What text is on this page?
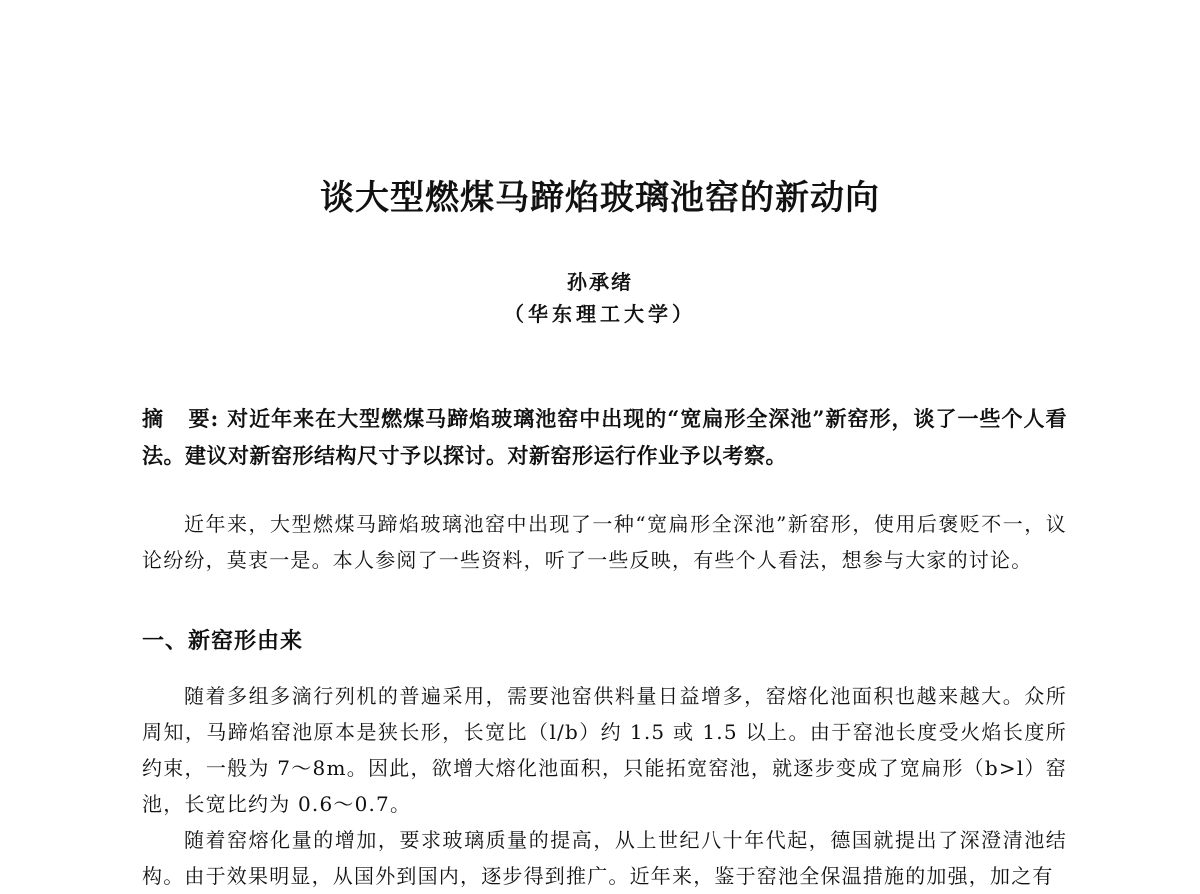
谈大型燃煤马蹄焰玻璃池窑的新动向
孙承绪
（华东理工大学）
摘 要: 对近年来在大型燃煤马蹄焰玻璃池窑中出现的“宽扁形全深池”新窑形，谈了一些个人看法。建议对新窑形结构尺寸予以探讨。对新窑形运行作业予以考察。

近年来，大型燃煤马蹄焰玻璃池窑中出现了一种“宽扁形全深池”新窑形，使用后褒贬不一，议论纷纷，莫衷一是。本人参阅了一些资料，听了一些反映，有些个人看法，想参与大家的讨论。

一、新窑形由来

随着多组多滴行列机的普遍采用，需要池窑供料量日益增多，窑熔化池面积也越来越大。众所周知，马蹄焰窑池原本是狭长形，长宽比（l/b）约 1.5 或 1.5 以上。由于窑池长度受火焰长度所约束，一般为 7～8m。因此，欲增大熔化池面积，只能拓宽窑池，就逐步变成了宽扁形（b>l）窑池，长宽比约为 0.6～0.7。

随着窑熔化量的增加，要求玻璃质量的提高，从上世纪八十年代起，德国就提出了深澄清池结构。由于效果明显，从国外到国内，逐步得到推广。近年来，鉴于窑池全保温措施的加强，加之有
